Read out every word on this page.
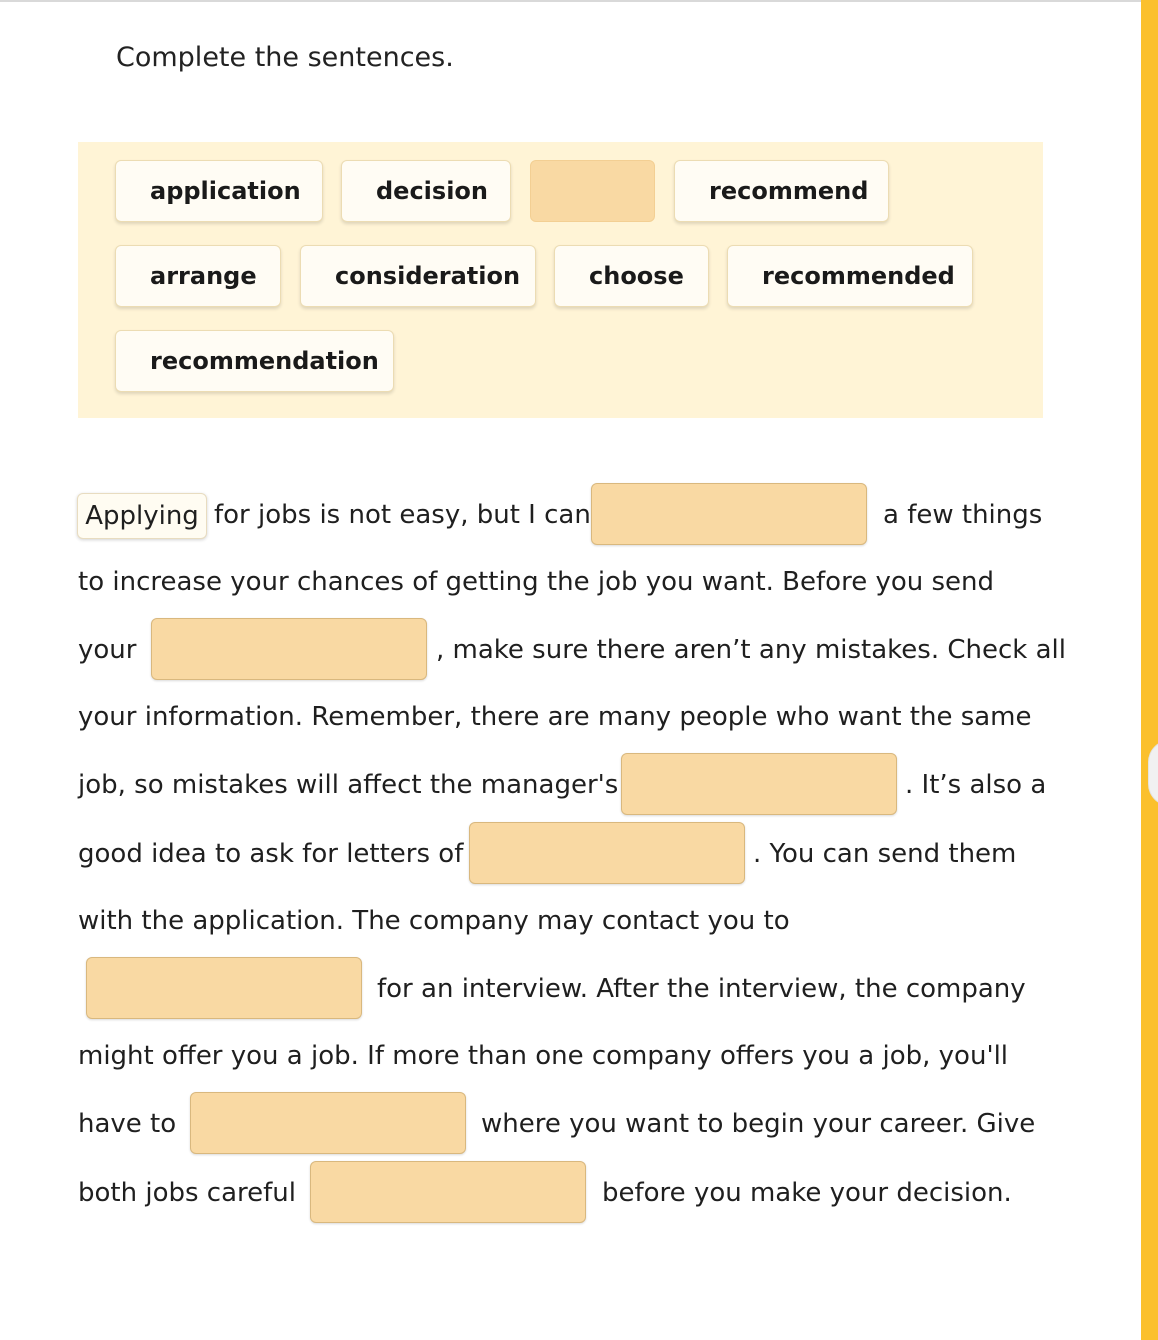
Complete the sentences.
application	decision	recommend
arrange	consideration	choose	recommended
recommendation
Applying for jobs is not easy, but I can	a few things
to increase your chances of getting the job you want. Before you send
your	, make sure there aren’t any mistakes. Check all
your information. Remember, there are many people who want the same
job, so mistakes will affect the manager's	. It’s also a
good idea to ask for letters of	. You can send them
with the application. The company may contact you to
for an interview. After the interview, the company
might offer you a job. If more than one company offers you a job, you'll
have to	where you want to begin your career. Give
both jobs careful	before you make your decision.
